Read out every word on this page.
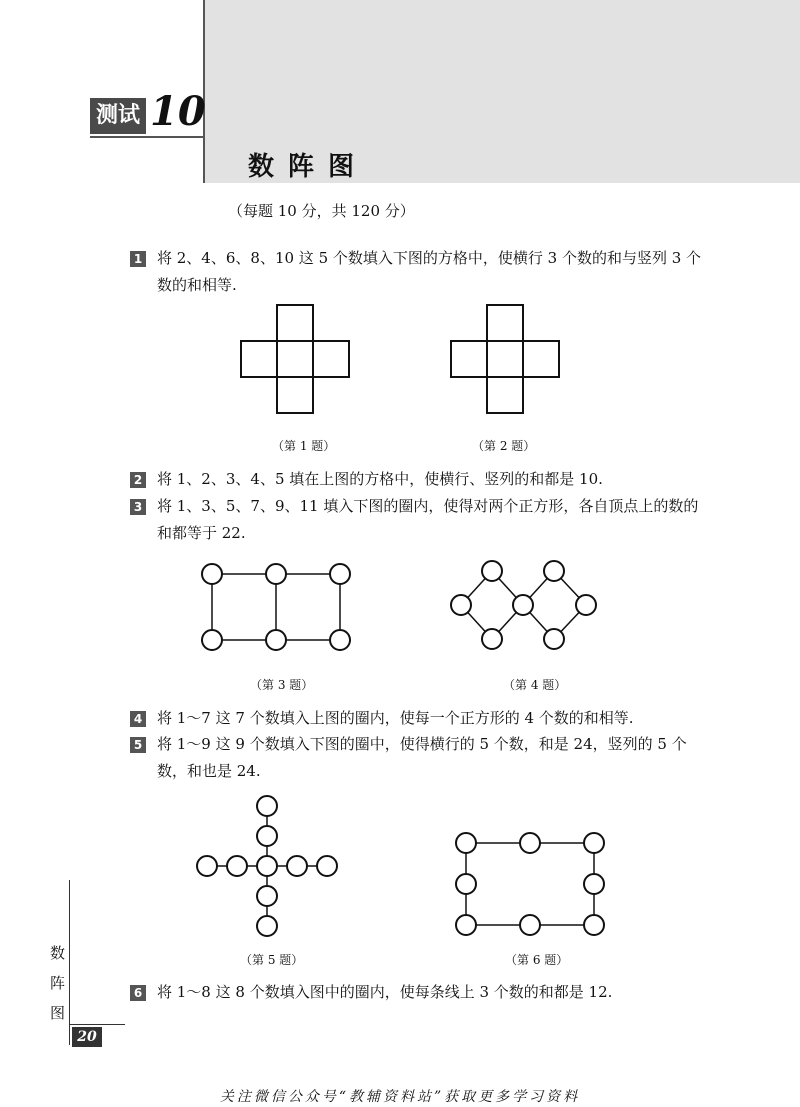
测试 10
数阵图
（每题 10 分，共 120 分）
1 将 2、4、6、8、10 这 5 个数填入下图的方格中，使横行 3 个数的和与竖列 3 个
数的和相等.
（第 1 题）	（第 2 题）
2 将 1、2、3、4、5 填在上图的方格中，使横行、竖列的和都是 10.
3 将 1、3、5、7、9、11 填入下图的圈内，使得对两个正方形，各自顶点上的数的
和都等于 22.
（第 3 题）	（第 4 题）
4 将 1～7 这 7 个数填入上图的圈内，使每一个正方形的 4 个数的和相等.
5 将 1～9 这 9 个数填入下图的圈中，使得横行的 5 个数，和是 24，竖列的 5 个
数，和也是 24.
（第 5 题）	（第 6 题）
6 将 1～8 这 8 个数填入图中的圈内，使每条线上 3 个数的和都是 12.
数
阵
图
20
关注微信公众号“教辅资料站”获取更多学习资料
